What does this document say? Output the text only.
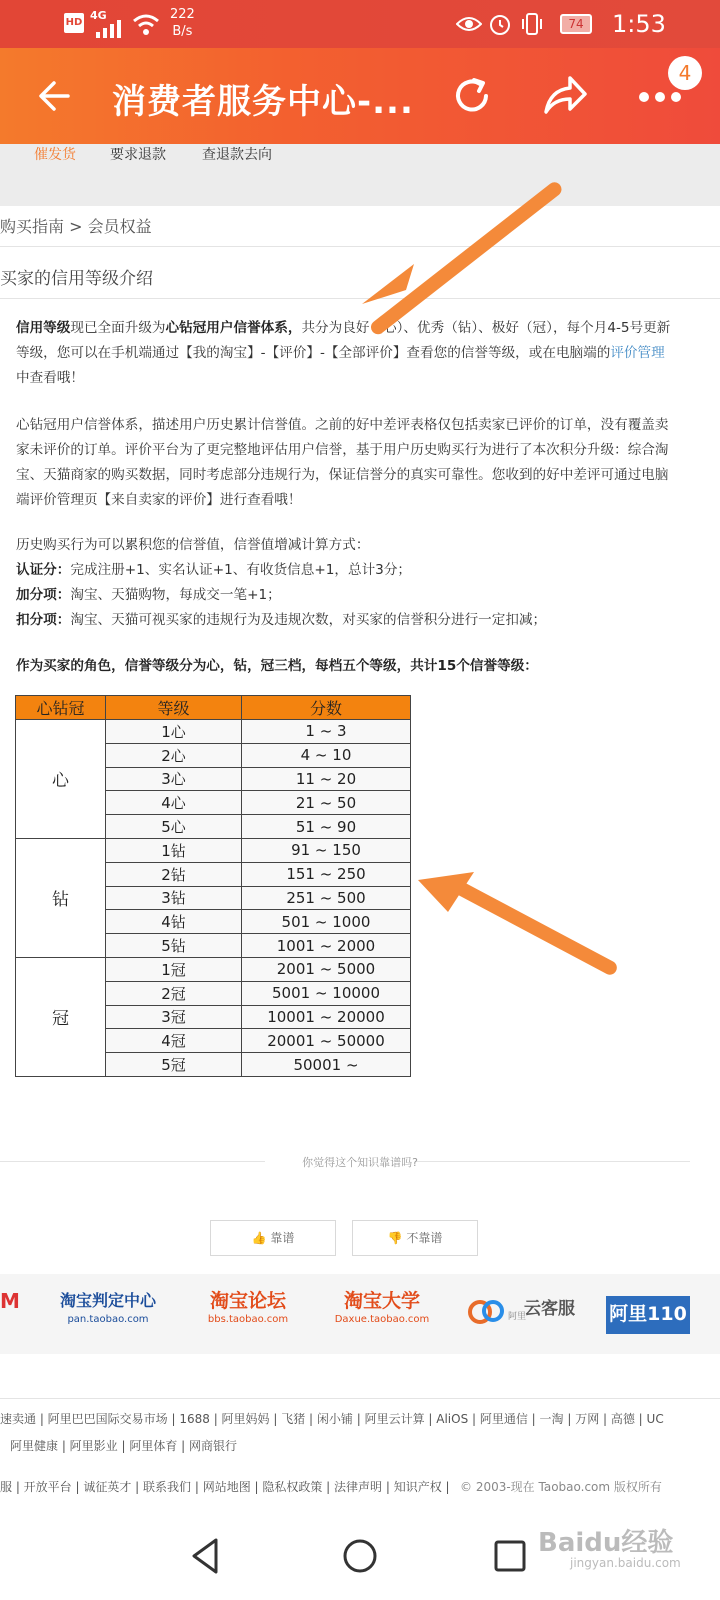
HD
4G	222
B/s	74	1:53
消费者服务中心-...
4
催发货 要求退款	查退款去向
购买指南 > 会员权益
买家的信用等级介绍
信用等级现已全面升级为心钻冠用户信誉体系，共分为良好（心）、优秀（钻）、极好（冠），每个月4-5号更新等级，您可以在手机端通过【我的淘宝】-【评价】-【全部评价】查看您的信誉等级，或在电脑端的评价管理中查看哦！
心钻冠用户信誉体系，描述用户历史累计信誉值。之前的好中差评表格仅包括卖家已评价的订单，没有覆盖卖家未评价的订单。评价平台为了更完整地评估用户信誉，基于用户历史购买行为进行了本次积分升级：综合淘宝、天猫商家的购买数据，同时考虑部分违规行为，保证信誉分的真实可靠性。您收到的好中差评可通过电脑端评价管理页【来自卖家的评价】进行查看哦！
历史购买行为可以累积您的信誉值，信誉值增减计算方式：
认证分：完成注册+1、实名认证+1、有收货信息+1，总计3分；
加分项：淘宝、天猫购物，每成交一笔+1；
扣分项：淘宝、天猫可视买家的违规行为及违规次数，对买家的信誉积分进行一定扣减；
作为买家的角色，信誉等级分为心，钻，冠三档，每档五个等级，共计15个信誉等级：
心钻冠	等级	分数
心	1心	1 ~ 3
	2心	4 ~ 10
	3心	11 ~ 20
	4心	21 ~ 50
	5心	51 ~ 90
钻	1钻	91 ~ 150
	2钻	151 ~ 250
	3钻	251 ~ 500
	4钻	501 ~ 1000
	5钻	1001 ~ 2000
冠	1冠	2001 ~ 5000
	2冠	5001 ~ 10000
	3冠	10001 ~ 20000
	4冠	20001 ~ 50000
	5冠	50001 ~
你觉得这个知识靠谱吗?
👍 靠谱	👎 不靠谱
M	淘宝判定中心
pan.taobao.com
淘宝论坛
bbs.taobao.com
淘宝大学
Daxue.taobao.com	阿里
云客服 阿里110
速卖通 | 阿里巴巴国际交易市场 | 1688 | 阿里妈妈 | 飞猪 | 闲小铺 | 阿里云计算 | AliOS | 阿里通信 | 一淘 | 万网 | 高德 | UC
阿里健康 | 阿里影业 | 阿里体育 | 网商银行
服 | 开放平台 | 诚征英才 | 联系我们 | 网站地图 | 隐私权政策 | 法律声明 | 知识产权 | © 2003-现在 Taobao.com 版权所有
Baidu经验
jingyan.baidu.com
